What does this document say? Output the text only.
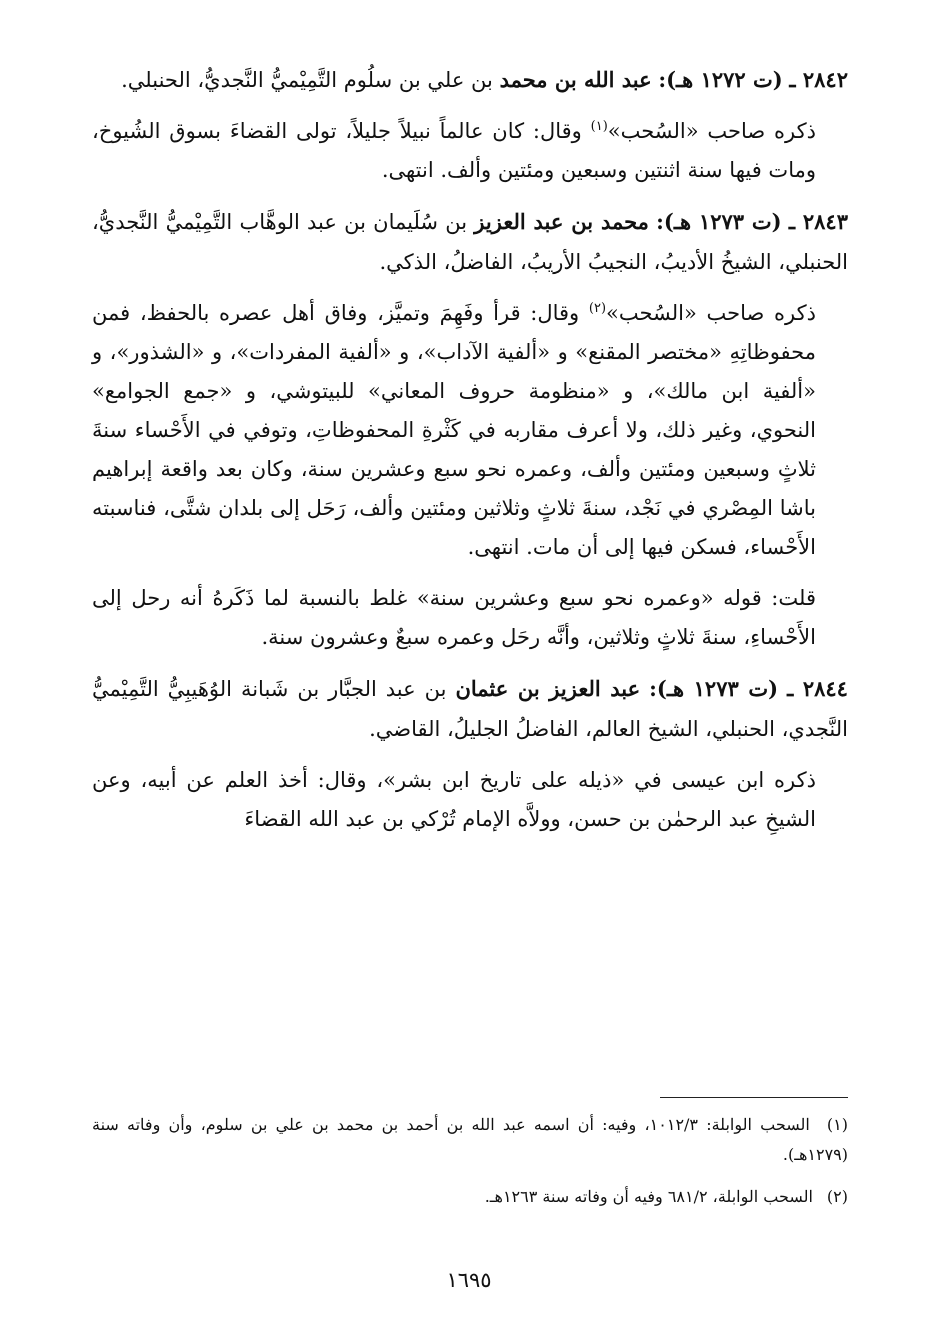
٢٨٤٢ ـ (ت ١٢٧٢ هـ): عبد الله بن محمد بن علي بن سلُوم التَّمِيْميُّ النَّجديُّ، الحنبلي.

ذكره صاحب «السُحب»$^{(١)}$ وقال: كان عالماً نبيلاً جليلاً، تولى القضاءَ بسوق الشُيوخ، ومات فيها سنة اثنتين وسبعين ومئتين وألف. انتهى.

٢٨٤٣ ـ (ت ١٢٧٣ هـ): محمد بن عبد العزيز بن سُلَيمان بن عبد الوهَّاب التَّمِيْميُّ النَّجديُّ، الحنبلي، الشيخُ الأديبُ، النجيبُ الأريبُ، الفاضلُ، الذكي.

ذكره صاحب «السُحب»$^{(٢)}$ وقال: قرأ وفَهِمَ وتميَّز، وفاق أهل عصره بالحفظ، فمن محفوظاتِهِ «مختصر المقنع» و «ألفية الآداب»، و «ألفية المفردات»، و «الشذور»، و «ألفية ابن مالك»، و «منظومة حروف المعاني» للبيتوشي، و «جمع الجوامع» النحوي، وغير ذلك، ولا أعرف مقاربه في كَثْرةِ المحفوظاتِ، وتوفي في الأَحْساء سنةَ ثلاثٍ وسبعين ومئتين وألف، وعمره نحو سبع وعشرين سنة، وكان بعد واقعة إبراهيم باشا المِصْري في نَجْد، سنةَ ثلاثٍ وثلاثين ومئتين وألف، رَحَل إلى بلدان شتَّى، فناسبته الأَحْساء، فسكن فيها إلى أن مات. انتهى.

قلت: قوله «وعمره نحو سبع وعشرين سنة» غلط بالنسبة لما ذَكَرهُ أنه رحل إلى الأَحْساءِ، سنةَ ثلاثٍ وثلاثين، وأنَّه رحَل وعمره سبعٌ وعشرون سنة.

٢٨٤٤ ـ (ت ١٢٧٣ هـ): عبد العزيز بن عثمان بن عبد الجبَّار بن شَبانة الوُهَيبِيُّ التَّمِيْميُّ النَّجدي، الحنبلي، الشيخ العالم، الفاضلُ الجليلُ، القاضي.

ذكره ابن عيسى في «ذيله على تاريخ ابن بشر»، وقال: أخذ العلم عن أبيه، وعن الشيخِ عبد الرحمٰن بن حسن، وولاَّه الإمام تُرْكي بن عبد الله القضاءَ

(١) السحب الوابلة: ١٠١٢/٣، وفيه: أن اسمه عبد الله بن أحمد بن محمد بن علي بن سلوم، وأن وفاته سنة (١٢٧٩هـ).
(٢) السحب الوابلة، ٦٨١/٢ وفيه أن وفاته سنة ١٢٦٣هـ.
١٦٩٥
